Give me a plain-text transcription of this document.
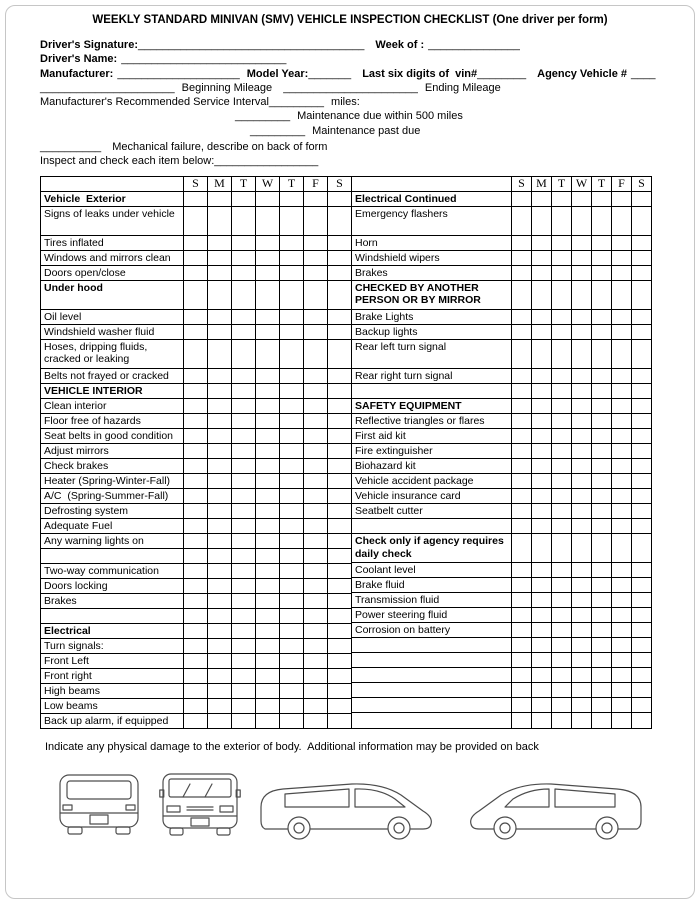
WEEKLY STANDARD MINIVAN (SMV) VEHICLE INSPECTION CHECKLIST (One driver per form)
Driver's Signature:_____________________________________ Week of : _______________
Driver's Name: ___________________________
Manufacturer: ____________________ Model Year:_______ Last six digits of  vin#________ Agency Vehicle # ____
______________________ Beginning Mileage ______________________ Ending Mileage
Manufacturer's Recommended Service Interval_________ miles:
_________ Maintenance due within 500 miles
_________ Maintenance past due
__________ Mechanical failure, describe on back of form
Inspect and check each item below:_________________
	S	M	T	W	T	F	S
Vehicle  Exterior							
Signs of leaks under vehicle							
Tires inflated							
Windows and mirrors clean							
Doors open/close							
Under hood							
Oil level							
Windshield washer fluid							
Hoses, dripping fluids, cracked or leaking							
Belts not frayed or cracked							
VEHICLE INTERIOR							
Clean interior							
Floor free of hazards							
Seat belts in good condition							
Adjust mirrors							
Check brakes							
Heater (Spring-Winter-Fall)							
A/C  (Spring-Summer-Fall)							
Defrosting system							
Adequate Fuel							
Any warning lights on							

Two-way communication							
Doors locking							
Brakes							

Electrical							
Turn signals:							
Front Left							
Front right							
High beams							
Low beams							
Back up alarm, if equipped							
	S	M	T	W	T	F	S
Electrical Continued							
Emergency flashers							
Horn							
Windshield wipers							
Brakes							
CHECKED BY ANOTHER PERSON OR BY MIRROR							
Brake Lights							
Backup lights							
Rear left turn signal							
Rear right turn signal							

SAFETY EQUIPMENT							
Reflective triangles or flares							
First aid kit							
Fire extinguisher							
Biohazard kit							
Vehicle accident package							
Vehicle insurance card							
Seatbelt cutter							

Check only if agency requires daily check							
Coolant level							
Brake fluid							
Transmission fluid							
Power steering fluid							
Corrosion on battery							

Indicate any physical damage to the exterior of body.  Additional information may be provided on back
